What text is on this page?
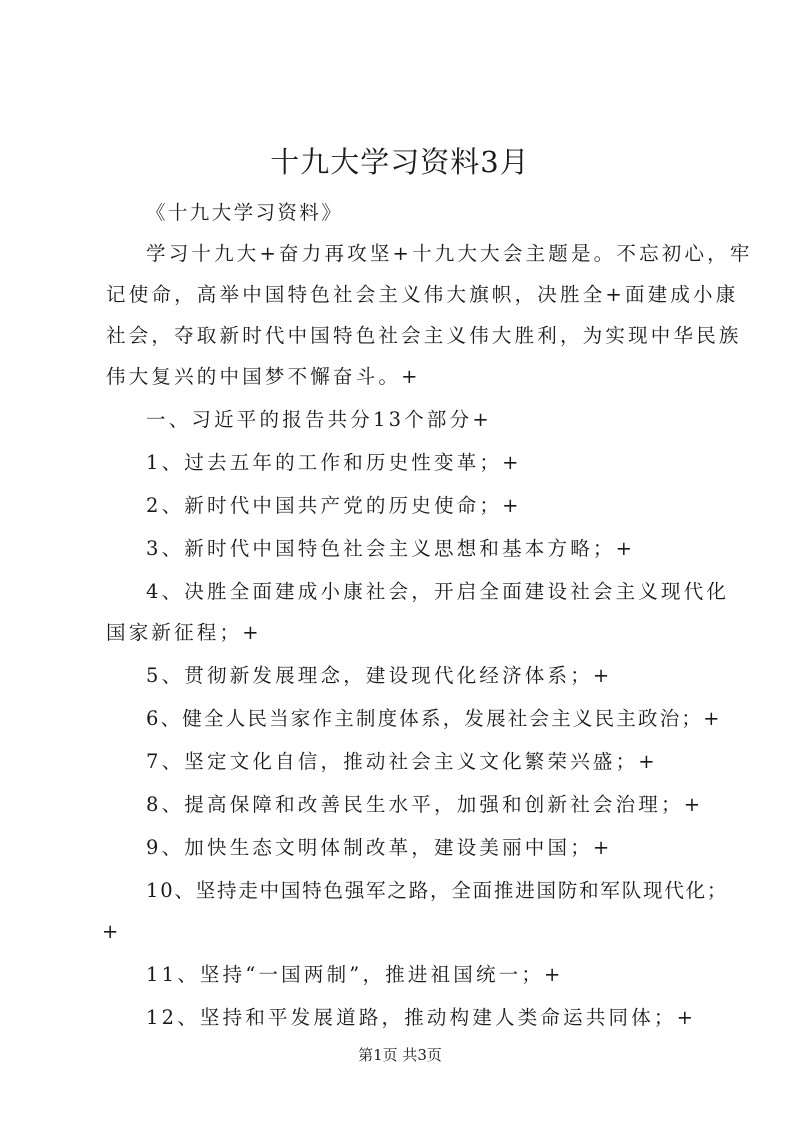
十九大学习资料3月

《十九大学习资料》

学习十九大+奋力再攻坚+十九大大会主题是。不忘初心，牢

记使命，高举中国特色社会主义伟大旗帜，决胜全+面建成小康

社会，夺取新时代中国特色社会主义伟大胜利，为实现中华民族

伟大复兴的中国梦不懈奋斗。+

一、习近平的报告共分13个部分+

1、过去五年的工作和历史性变革；+

2、新时代中国共产党的历史使命；+

3、新时代中国特色社会主义思想和基本方略；+

4、决胜全面建成小康社会，开启全面建设社会主义现代化

国家新征程；+

5、贯彻新发展理念，建设现代化经济体系；+

6、健全人民当家作主制度体系，发展社会主义民主政治；+

7、坚定文化自信，推动社会主义文化繁荣兴盛；+

8、提高保障和改善民生水平，加强和创新社会治理；+

9、加快生态文明体制改革，建设美丽中国；+

10、坚持走中国特色强军之路，全面推进国防和军队现代化；

+

11、坚持“一国两制”，推进祖国统一；+

12、坚持和平发展道路，推动构建人类命运共同体；+

第1页 共3页
